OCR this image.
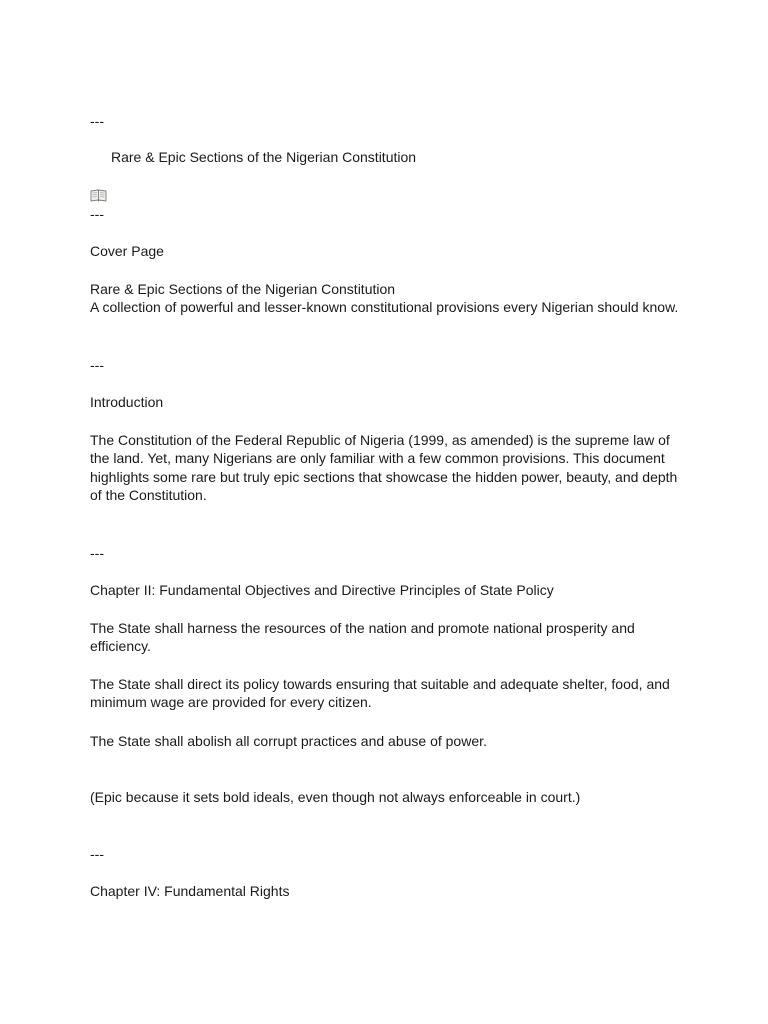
---

Rare & Epic Sections of the Nigerian Constitution

---

Cover Page

Rare & Epic Sections of the Nigerian Constitution

A collection of powerful and lesser-known constitutional provisions every Nigerian should know.

---

Introduction

The Constitution of the Federal Republic of Nigeria (1999, as amended) is the supreme law of

the land. Yet, many Nigerians are only familiar with a few common provisions. This document

highlights some rare but truly epic sections that showcase the hidden power, beauty, and depth

of the Constitution.

---

Chapter II: Fundamental Objectives and Directive Principles of State Policy

The State shall harness the resources of the nation and promote national prosperity and

efficiency.

The State shall direct its policy towards ensuring that suitable and adequate shelter, food, and

minimum wage are provided for every citizen.

The State shall abolish all corrupt practices and abuse of power.

(Epic because it sets bold ideals, even though not always enforceable in court.)

---

Chapter IV: Fundamental Rights
